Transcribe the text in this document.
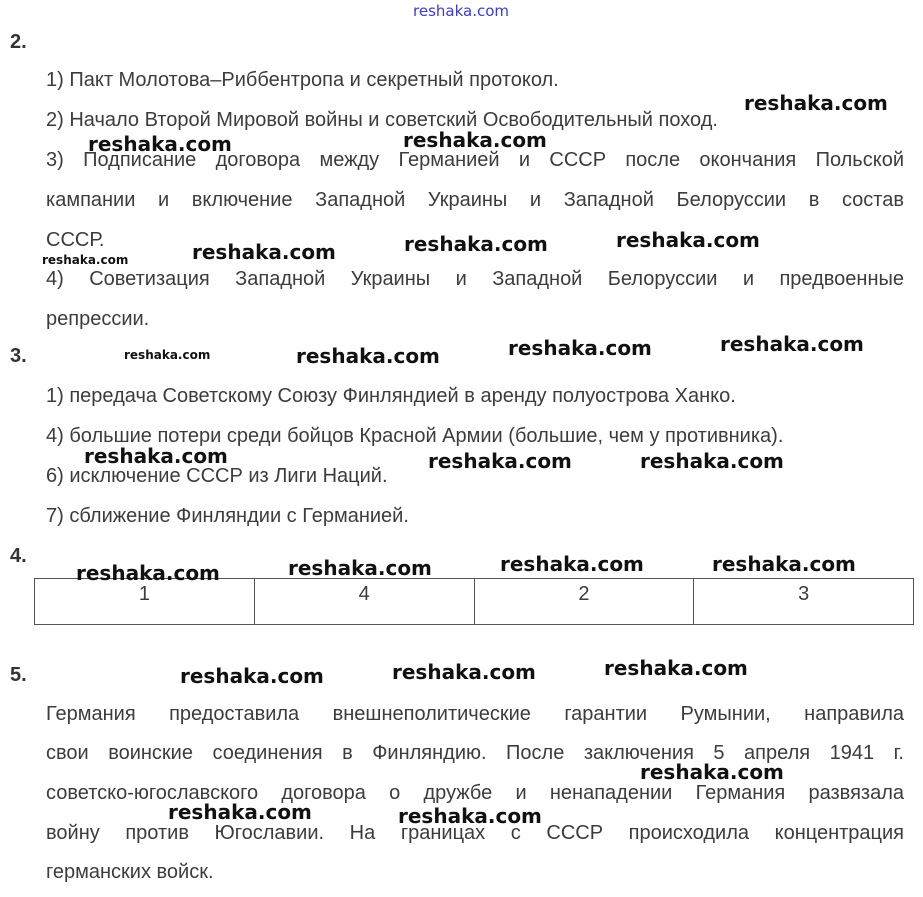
reshaka.com
2.
1) Пакт Молотова–Риббентропа и секретный протокол.
2) Начало Второй Мировой войны и советский Освободительный поход.
3) Подписание договора между Германией и СССР после окончания Польской
кампании и включение Западной Украины и Западной Белоруссии в состав
СССР.
4) Советизация Западной Украины и Западной Белоруссии и предвоенные
репрессии.
3.
1) передача Советскому Союзу Финляндией в аренду полуострова Ханко.
4) большие потери среди бойцов Красной Армии (большие, чем у противника).
6) исключение СССР из Лиги Наций.
7) сближение Финляндии с Германией.
4.
1	4	2	3
5.
Германия предоставила внешнеполитические гарантии Румынии, направила
свои воинские соединения в Финляндию. После заключения 5 апреля 1941 г.
советско-югославского договора о дружбе и ненападении Германия развязала
войну против Югославии. На границах с СССР происходила концентрация
германских войск.
reshaka.com
reshaka.com	reshaka.com
reshaka.com	reshaka.com	reshaka.com
reshaka.com
reshaka.com	reshaka.com	reshaka.com	reshaka.com
reshaka.com	reshaka.com	reshaka.com
reshaka.com	reshaka.com	reshaka.com	reshaka.com
reshaka.com	reshaka.com	reshaka.com
reshaka.com
reshaka.com	reshaka.com
